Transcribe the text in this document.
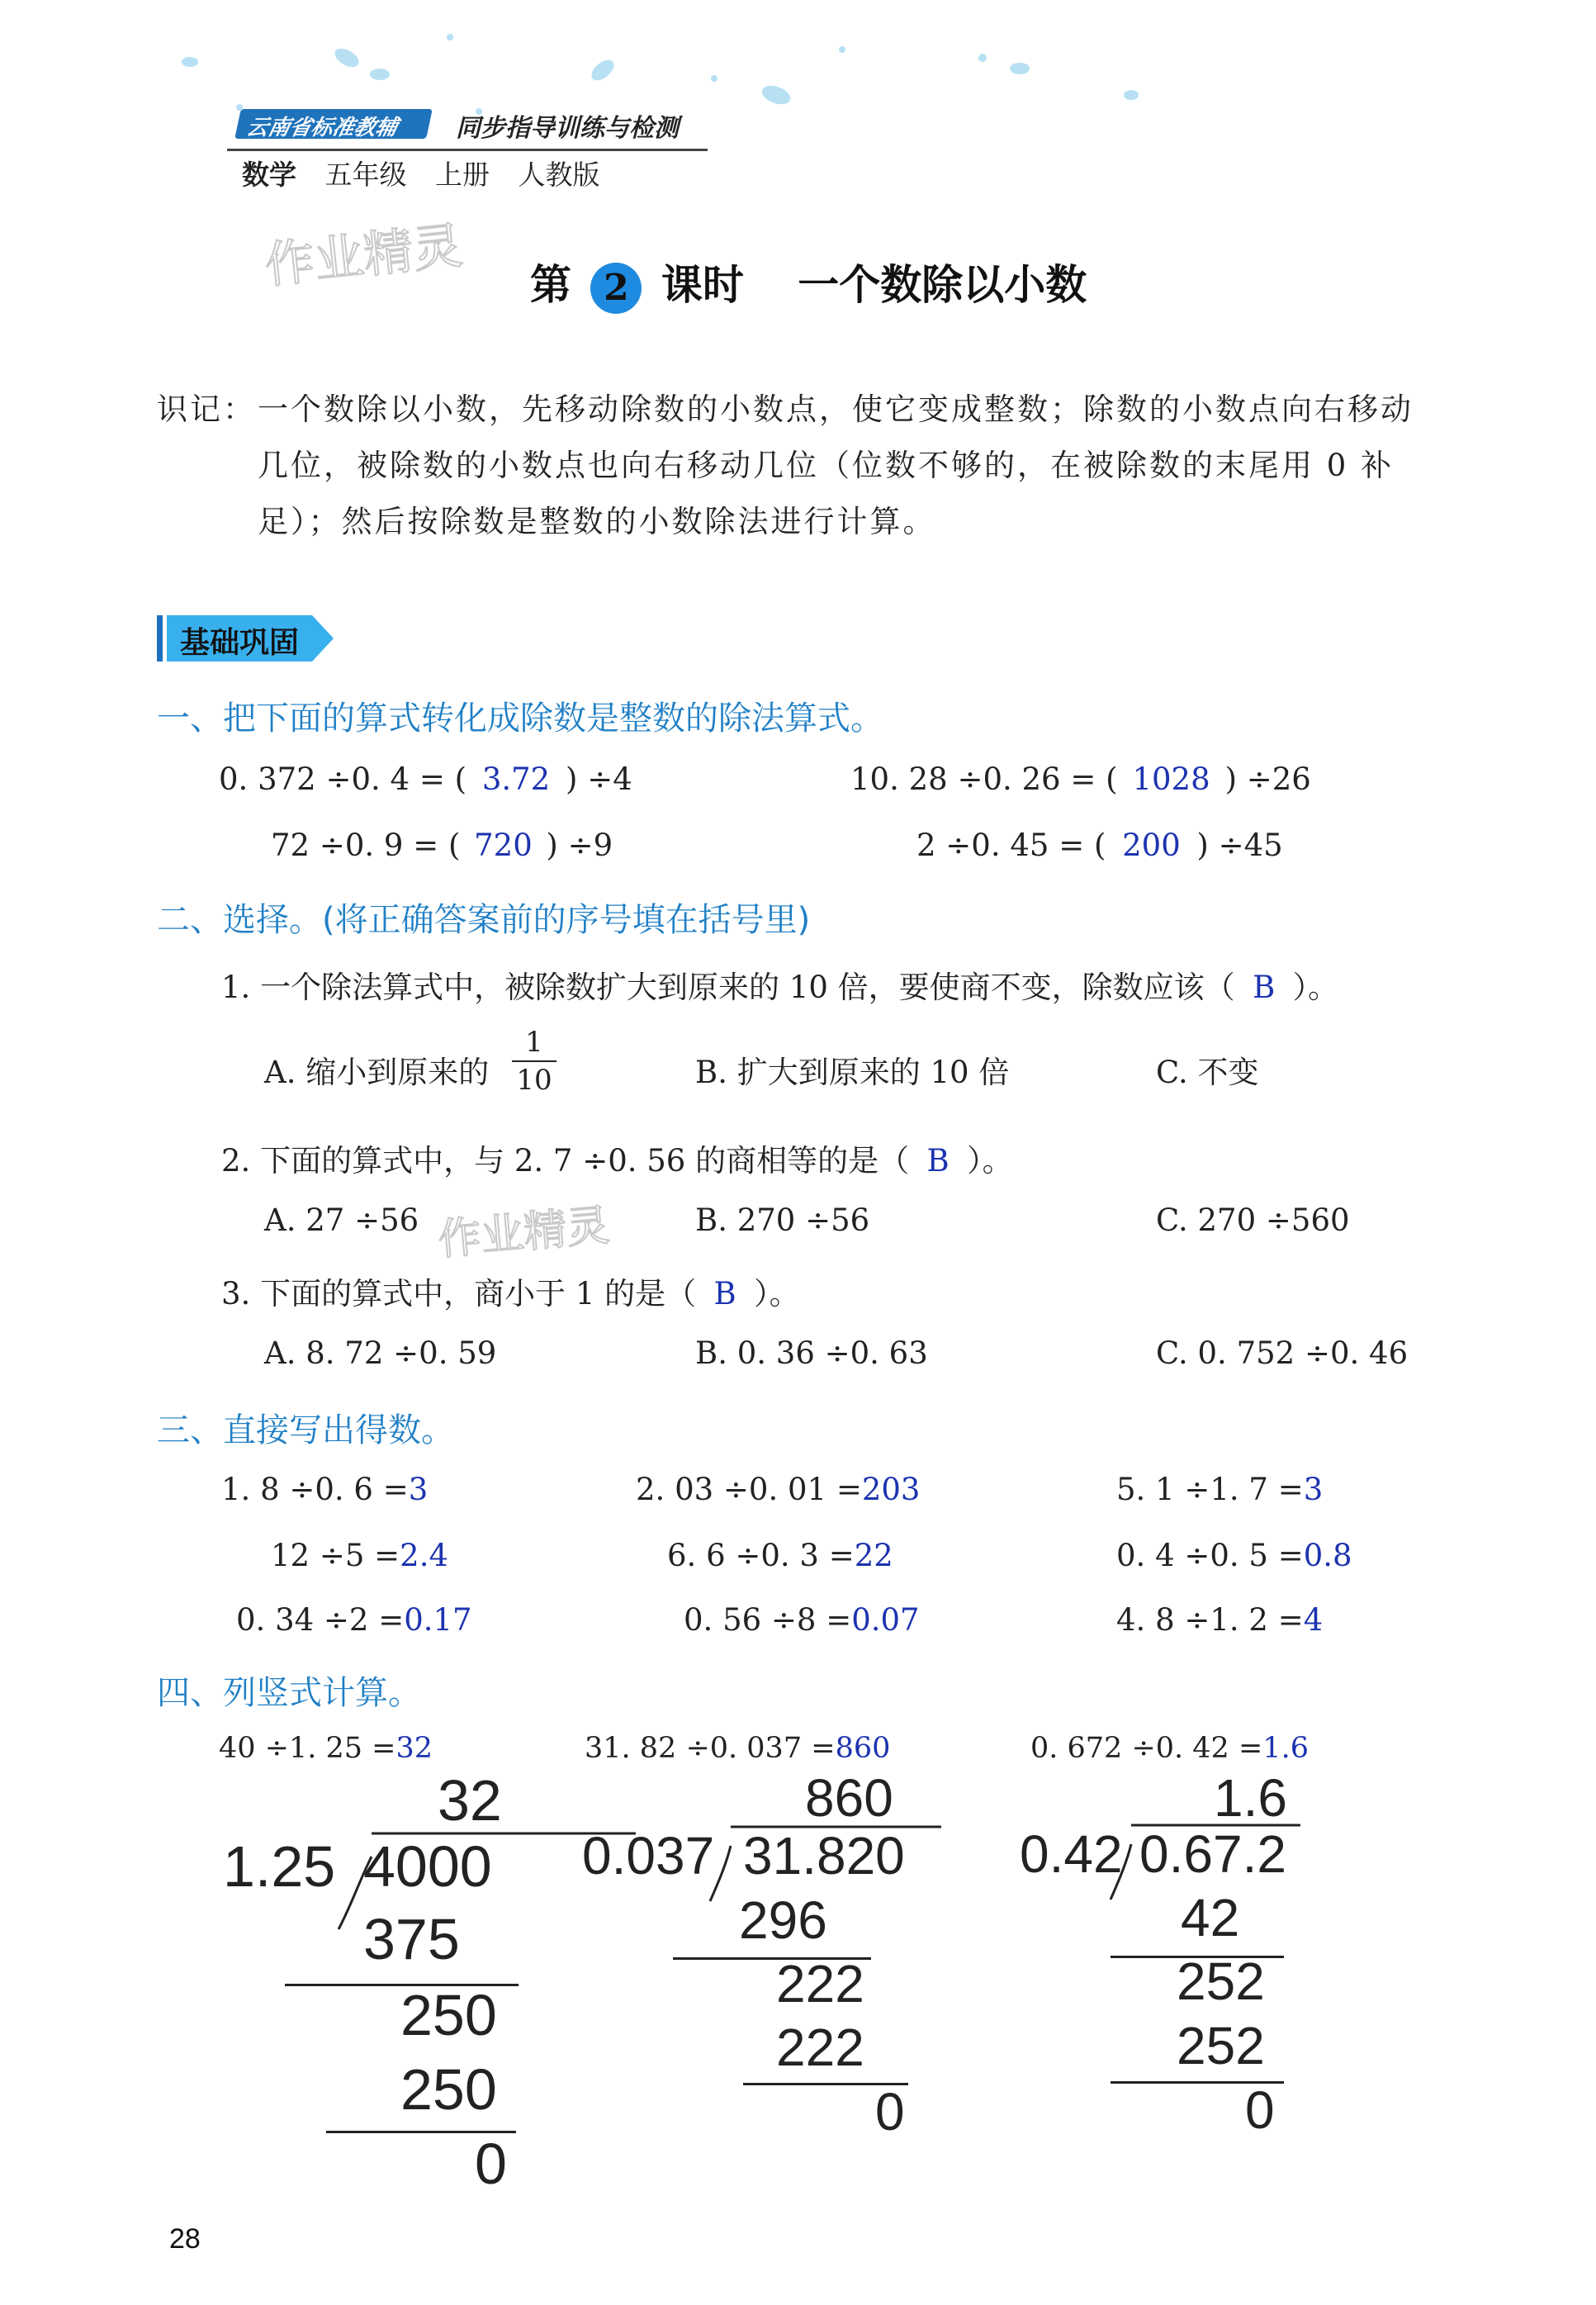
云南省标准教辅 同步指导训练与检测
数学 五年级 上册 人教版
作业精灵 第 2 课时 一个数除以小数
识记： 一个数除以小数，先移动除数的小数点，使它变成整数；除数的小数点向右移动
几位，被除数的小数点也向右移动几位（位数不够的，在被除数的末尾用 0 补
足）；然后按除数是整数的小数除法进行计算。
基础巩固
一、把下面的算式转化成除数是整数的除法算式。
0. 372 ÷0. 4 = ( 3.72 ) ÷4	10. 28 ÷0. 26 = ( 1028 ) ÷26
72 ÷0. 9 = ( 720 ) ÷9	2 ÷0. 45 = ( 200 ) ÷45
二、选择。(将正确答案前的序号填在括号里)
1. 一个除法算式中，被除数扩大到原来的 10 倍，要使商不变，除数应该（ B ）。
A. 缩小到原来的
1
10	B. 扩大到原来的 10 倍	C. 不变
2. 下面的算式中，与 2. 7 ÷0. 56 的商相等的是（ B ）。
A. 27 ÷56	B. 270 ÷56	C. 270 ÷560
作业精灵
3. 下面的算式中，商小于 1 的是（ B ）。
A. 8. 72 ÷0. 59	B. 0. 36 ÷0. 63	C. 0. 752 ÷0. 46
三、直接写出得数。
1. 8 ÷0. 6 =3	2. 03 ÷0. 01 =203	5. 1 ÷1. 7 =3
12 ÷5 =2.4	6. 6 ÷0. 3 =22	0. 4 ÷0. 5 =0.8
0. 34 ÷2 =0.17	0. 56 ÷8 =0.07	4. 8 ÷1. 2 =4
四、列竖式计算。
40 ÷1. 25 =32	31. 82 ÷0. 037 =860	0. 672 ÷0. 42 =1.6
32
1.25 4000
375
250
250
0
860
0.037 31.820
296
222
222
0
1.6
0.42 0.67.2
42
252
252
0
28
